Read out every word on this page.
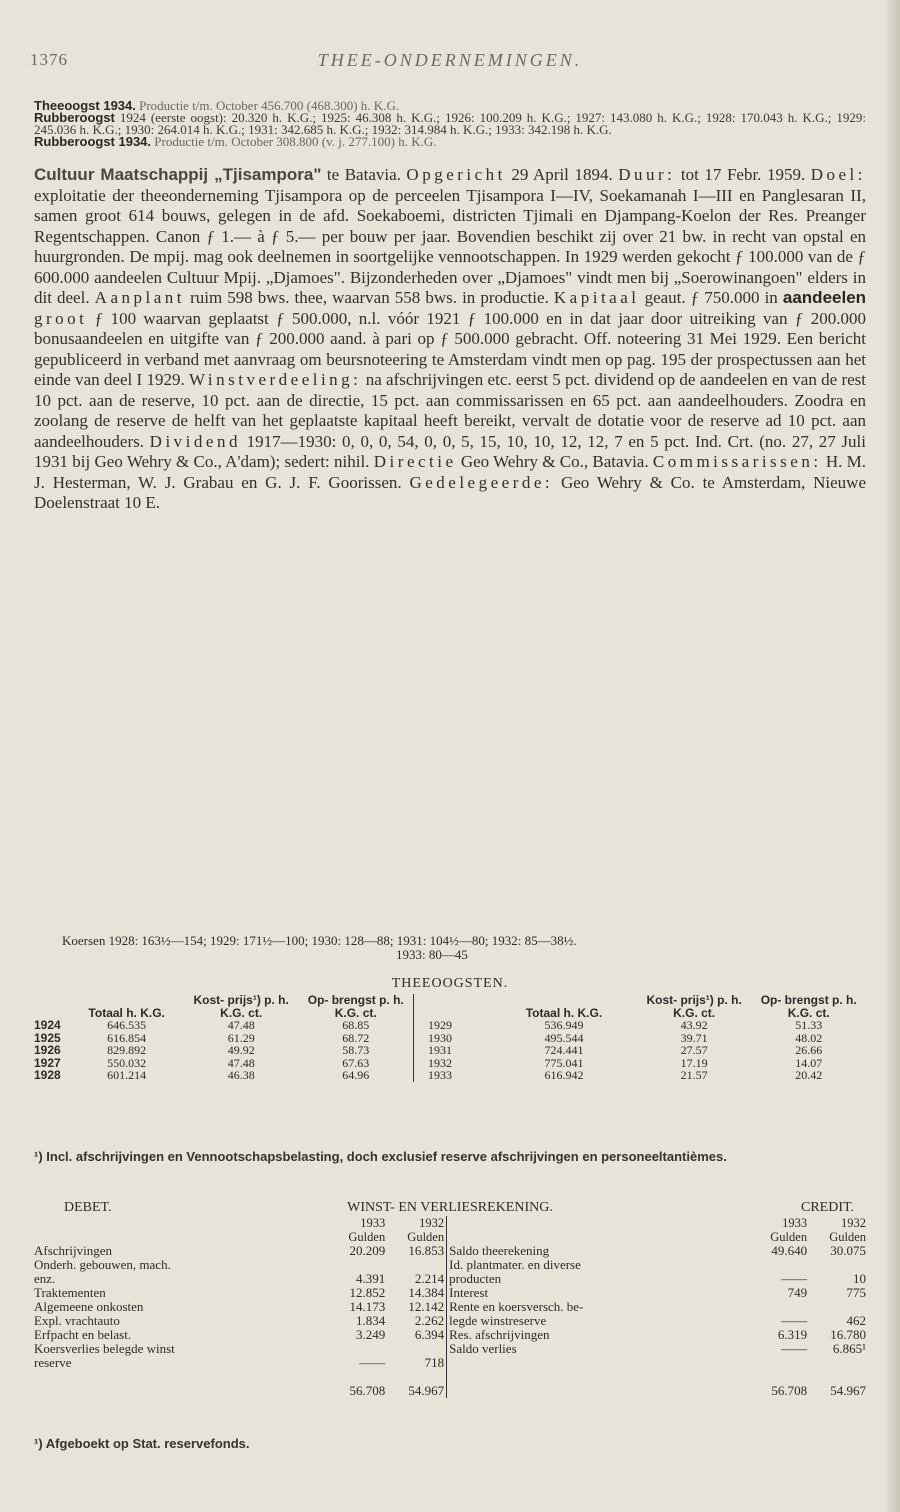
1376	THEE-ONDERNEMINGEN.

Theeoogst 1934. Productie t/m. October 456.700 (468.300) h. K.G.

Rubberoogst 1924 (eerste oogst): 20.320 h. K.G.; 1925: 46.308 h. K.G.; 1926: 100.209 h. K.G.; 1927: 143.080 h. K.G.; 1928: 170.043 h. K.G.; 1929: 245.036 h. K.G.; 1930: 264.014 h. K.G.; 1931: 342.685 h. K.G.; 1932: 314.984 h. K.G.; 1933: 342.198 h. K.G.

Rubberoogst 1934. Productie t/m. October 308.800 (v. j. 277.100) h. K.G.

Cultuur Maatschappij „Tjisampora" te Batavia. Opgericht 29 April 1894. Duur: tot 17 Febr. 1959. Doel: exploitatie der theeonderneming Tjisampora op de perceelen Tjisampora I—IV, Soekamanah I—III en Panglesaran II, samen groot 614 bouws, gelegen in de afd. Soekaboemi, districten Tjimali en Djampang-Koelon der Res. Preanger Regentschappen. Canon ƒ 1.— à ƒ 5.— per bouw per jaar. Bovendien beschikt zij over 21 bw. in recht van opstal en huurgronden. De mpij. mag ook deelnemen in soortgelijke vennootschappen. In 1929 werden gekocht ƒ 100.000 van de ƒ 600.000 aandeelen Cultuur Mpij. „Djamoes". Bijzonderheden over „Djamoes" vindt men bij „Soerowinangoen" elders in dit deel. Aanplant ruim 598 bws. thee, waarvan 558 bws. in productie. Kapitaal geaut. ƒ 750.000 in aandeelen groot ƒ 100 waarvan geplaatst ƒ 500.000, n.l. vóór 1921 ƒ 100.000 en in dat jaar door uitreiking van ƒ 200.000 bonusaandeelen en uitgifte van ƒ 200.000 aand. à pari op ƒ 500.000 gebracht. Off. noteering 31 Mei 1929. Een bericht gepubliceerd in verband met aanvraag om beursnoteering te Amsterdam vindt men op pag. 195 der prospectussen aan het einde van deel I 1929. Winstverdeeling: na afschrijvingen etc. eerst 5 pct. dividend op de aandeelen en van de rest 10 pct. aan de reserve, 10 pct. aan de directie, 15 pct. aan commissarissen en 65 pct. aan aandeelhouders. Zoodra en zoolang de reserve de helft van het geplaatste kapitaal heeft bereikt, vervalt de dotatie voor de reserve ad 10 pct. aan aandeelhouders. Dividend 1917—1930: 0, 0, 0, 54, 0, 0, 5, 15, 10, 10, 12, 12, 7 en 5 pct. Ind. Crt. (no. 27, 27 Juli 1931 bij Geo Wehry & Co., A'dam); sedert: nihil. Directie Geo Wehry & Co., Batavia. Commissarissen: H. M. J. Hesterman, W. J. Grabau en G. J. F. Goorissen. Gedelegeerde: Geo Wehry & Co. te Amsterdam, Nieuwe Doelenstraat 10 E.
Koersen 1928: 163½—154; 1929: 171½—100; 1930: 128—88; 1931: 104½—80; 1932: 85—38½.
1933: 80—45
THEEOOGSTEN.
	Totaal h. K.G.	Kost- prijs¹) p. h. K.G. ct.	Op- brengst p. h. K.G. ct.		Totaal h. K.G.	Kost- prijs¹) p. h. K.G. ct.	Op- brengst p. h. K.G. ct.
1924	646.535	47.48	68.85	1929	536.949	43.92	51.33
1925	616.854	61.29	68.72	1930	495.544	39.71	48.02
1926	829.892	49.92	58.73	1931	724.441	27.57	26.66
1927	550.032	47.48	67.63	1932	775.041	17.19	14.07
1928	601.214	46.38	64.96	1933	616.942	21.57	20.42
¹) Incl. afschrijvingen en Vennootschapsbelasting, doch exclusief reserve afschrijvingen en personeeltantièmes.
DEBET.	WINST- EN VERLIESREKENING.	CREDIT.
	1933	1932		1933	1932
	Gulden	Gulden		Gulden	Gulden
Afschrijvingen	20.209	16.853	Saldo theerekening	49.640	30.075
Onderh. gebouwen, mach.			Id. plantmater. en diverse		
enz.	4.391	2.214	producten	——	10
Traktementen	12.852	14.384	Interest	749	775
Algemeene onkosten	14.173	12.142	Rente en koersversch. be-		
Expl. vrachtauto	1.834	2.262	legde winstreserve	——	462
Erfpacht en belast.	3.249	6.394	Res. afschrijvingen	6.319	16.780
Koersverlies belegde winst			Saldo verlies	——	6.865¹
reserve	——	718			

	56.708	54.967		56.708	54.967
¹) Afgeboekt op Stat. reservefonds.
